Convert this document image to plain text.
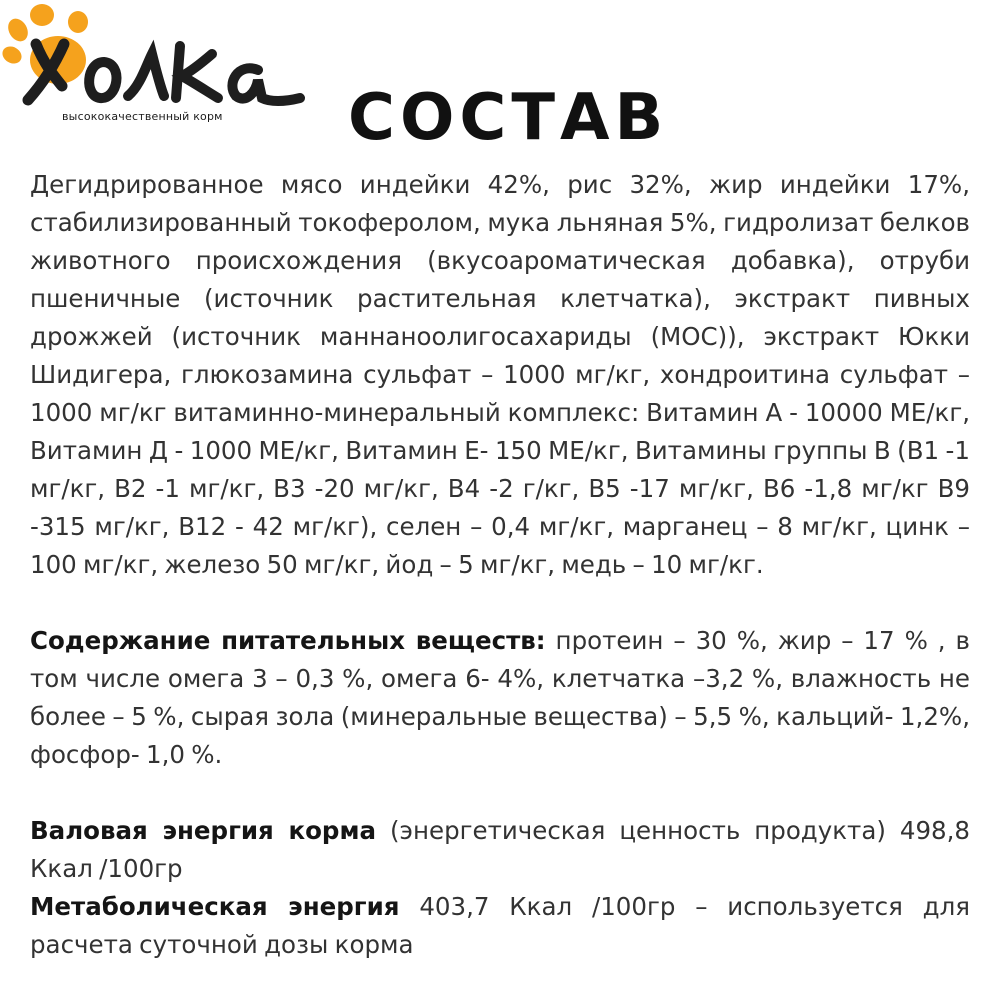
высококачественный корм СОСТАВ

Дегидрированное мясо индейки 42%, рис 32%, жир индейки 17%, стабилизированный токоферолом, мука льняная 5%, гидролизат белков животного происхождения (вкусоароматическая добавка), отруби пшеничные (источник растительная клетчатка), экстракт пивных дрожжей (источник маннаноолигосахариды (МОС)), экстракт Юкки Шидигера, глюкозамина сульфат – 1000 мг/кг, хондроитина сульфат – 1000 мг/кг витаминно-минеральный комплекс: Витамин А - 10000 МЕ/кг, Витамин Д - 1000 МЕ/кг, Витамин Е- 150 МЕ/кг, Витамины группы В (В1 -1 мг/кг, В2 -1 мг/кг, В3 -20 мг/кг, В4 -2 г/кг, В5 -17 мг/кг, В6 -1,8 мг/кг В9 -315 мг/кг, В12 - 42 мг/кг), селен – 0,4 мг/кг, марганец – 8 мг/кг, цинк – 100 мг/кг, железо 50 мг/кг, йод – 5 мг/кг, медь – 10 мг/кг.

Содержание питательных веществ: протеин – 30 %, жир – 17 % , в том числе омега 3 – 0,3 %, омега 6- 4%, клетчатка –3,2 %, влажность не более – 5 %, сырая зола (минеральные вещества) – 5,5 %, кальций- 1,2%, фосфор- 1,0 %.

Валовая энергия корма (энергетическая ценность продукта) 498,8 Ккал /100гр

Метаболическая энергия 403,7 Ккал /100гр – используется для расчета суточной дозы корма
